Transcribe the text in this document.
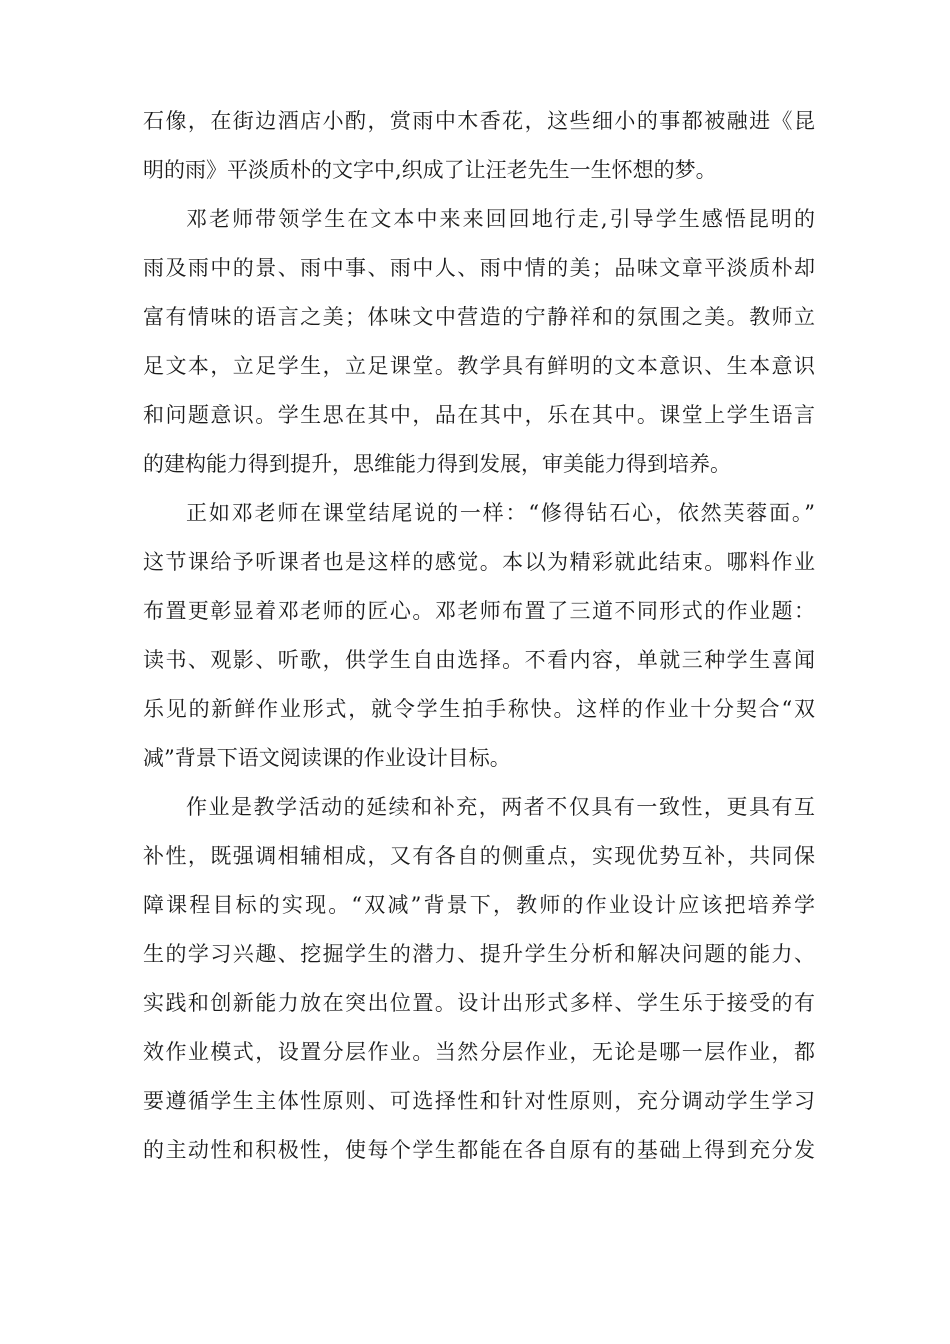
石像，在街边酒店小酌，赏雨中木香花，这些细小的事都被融进《昆
明的雨》平淡质朴的文字中,织成了让汪老先生一生怀想的梦。
邓老师带领学生在文本中来来回回地行走,引导学生感悟昆明的
雨及雨中的景、雨中事、雨中人、雨中情的美；品味文章平淡质朴却
富有情味的语言之美；体味文中营造的宁静祥和的氛围之美。教师立
足文本，立足学生，立足课堂。教学具有鲜明的文本意识、生本意识
和问题意识。学生思在其中，品在其中，乐在其中。课堂上学生语言
的建构能力得到提升，思维能力得到发展，审美能力得到培养。
正如邓老师在课堂结尾说的一样：“修得钻石心，依然芙蓉面。”
这节课给予听课者也是这样的感觉。本以为精彩就此结束。哪料作业
布置更彰显着邓老师的匠心。邓老师布置了三道不同形式的作业题：
读书、观影、听歌，供学生自由选择。不看内容，单就三种学生喜闻
乐见的新鲜作业形式，就令学生拍手称快。这样的作业十分契合“双
减”背景下语文阅读课的作业设计目标。
作业是教学活动的延续和补充，两者不仅具有一致性，更具有互
补性，既强调相辅相成，又有各自的侧重点，实现优势互补，共同保
障课程目标的实现。“双减”背景下，教师的作业设计应该把培养学
生的学习兴趣、挖掘学生的潜力、提升学生分析和解决问题的能力、
实践和创新能力放在突出位置。设计出形式多样、学生乐于接受的有
效作业模式，设置分层作业。当然分层作业，无论是哪一层作业，都
要遵循学生主体性原则、可选择性和针对性原则，充分调动学生学习
的主动性和积极性，使每个学生都能在各自原有的基础上得到充分发
